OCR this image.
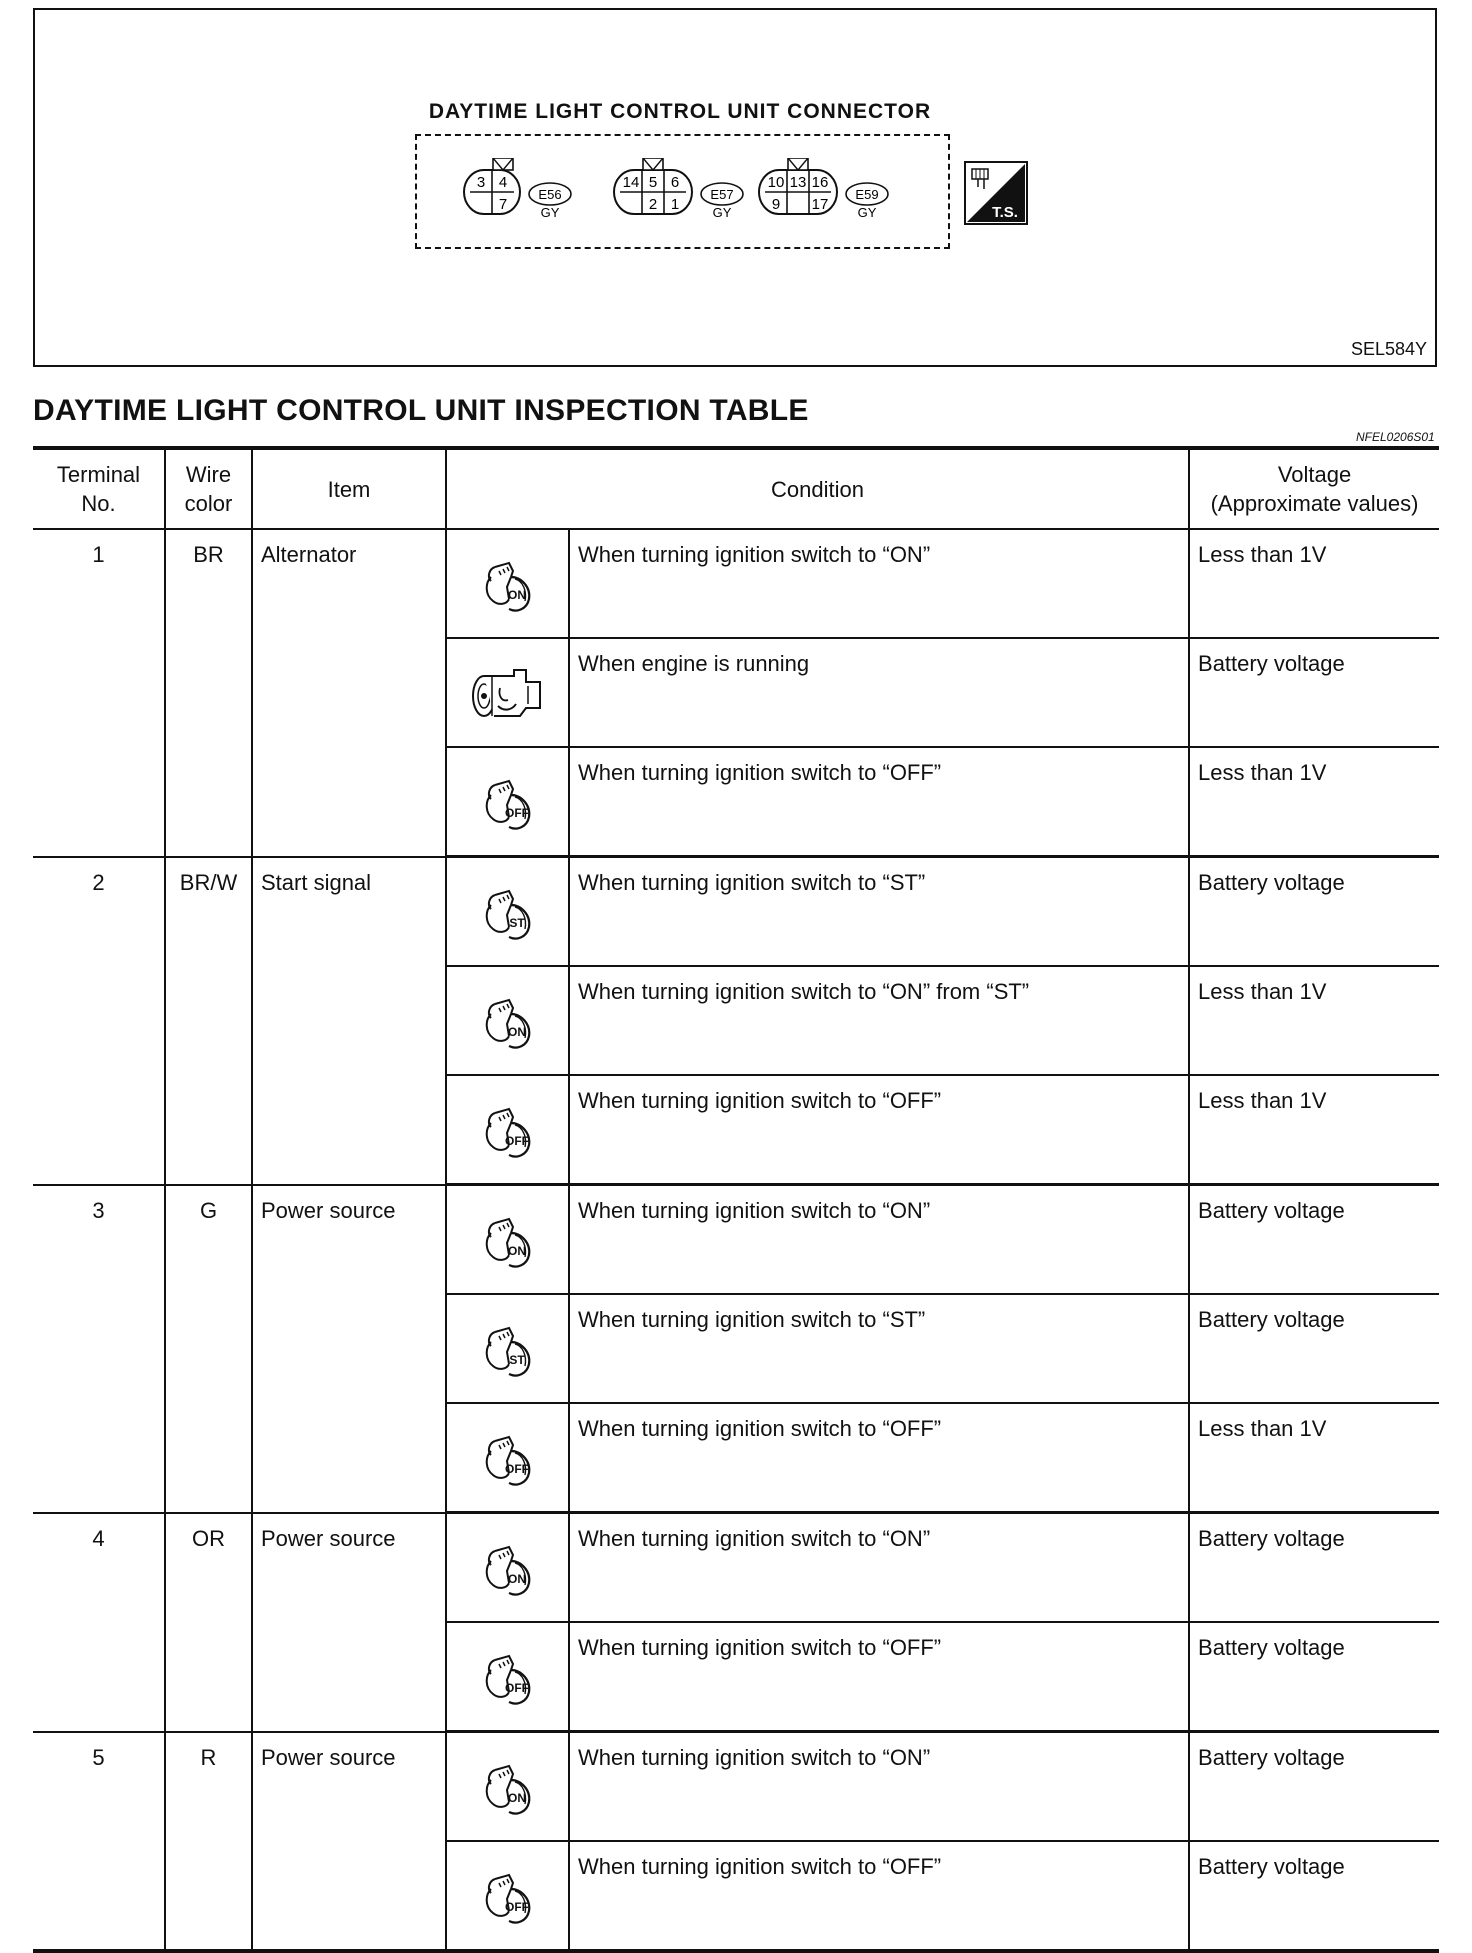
DAYTIME LIGHT CONTROL UNIT CONNECTOR
3 4
7
E56
GY
14 5 6
2 1
E57
GY
10 13 16
9 17
E59
GY	T.S.
SEL584Y
DAYTIME LIGHT CONTROL UNIT INSPECTION TABLE
NFEL0206S01
Terminal
No.	Wire
color	Item	Condition		Voltage
(Approximate values)
1	BR	Alternator	ON	When turning ignition switch to “ON”	Less than 1V
	When engine is running	Battery voltage

OFF	When turning ignition switch to “OFF”	Less than 1V
2	BR/W	Start signal	ST	When turning ignition switch to “ST”	Battery voltage

ON	When turning ignition switch to “ON” from “ST”	Less than 1V

OFF	When turning ignition switch to “OFF”	Less than 1V
3	G	Power source	ON	When turning ignition switch to “ON”	Battery voltage

ST	When turning ignition switch to “ST”	Battery voltage

OFF	When turning ignition switch to “OFF”	Less than 1V
4	OR	Power source	ON	When turning ignition switch to “ON”	Battery voltage

OFF	When turning ignition switch to “OFF”	Battery voltage
5	R	Power source	ON	When turning ignition switch to “ON”	Battery voltage

OFF	When turning ignition switch to “OFF”	Battery voltage
